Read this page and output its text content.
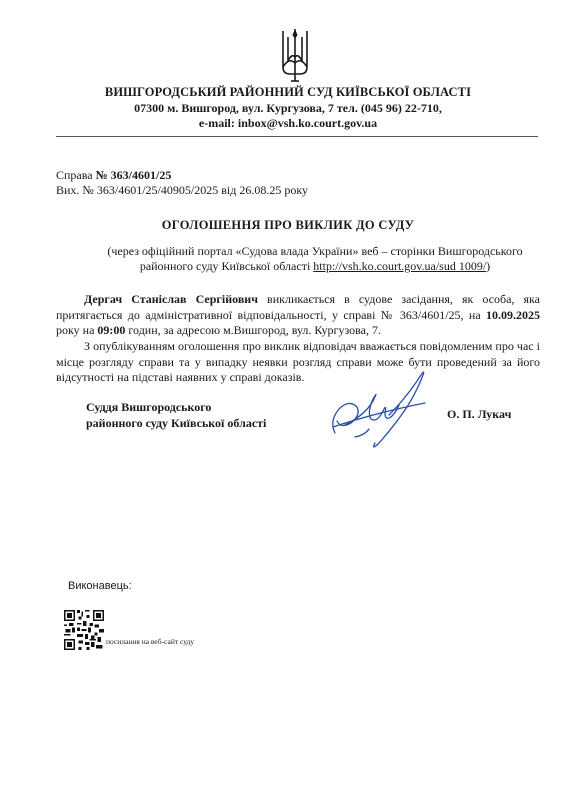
ВИШГОРОДСЬКИЙ РАЙОННИЙ СУД КИЇВСЬКОЇ ОБЛАСТІ
07300 м. Вишгород, вул. Кургузова, 7 тел. (045 96) 22-710,
e-mail: inbox@vsh.ko.court.gov.ua
Справа № 363/4601/25
Вих. № 363/4601/25/40905/2025 від 26.08.25 року
ОГОЛОШЕННЯ ПРО ВИКЛИК ДО СУДУ
(через офіційний портал «Судова влада України» веб – сторінки Вишгородського районного суду Київської області http://vsh.ko.court.gov.ua/sud 1009/)
Дергач Станіслав Сергійович викликається в судове засідання, як особа, яка притягається до адміністративної відповідальності, у справі № 363/4601/25, на 10.09.2025 року на 09:00 годин, за адресою м.Вишгород, вул. Кургузова, 7.
З опублікуванням оголошення про виклик відповідач вважається повідомленим про час і місце розгляду справи та у випадку неявки розгляд справи може бути проведений за його відсутності на підставі наявних у справі доказів.
Суддя Вишгородського
районного суду Київської області
О. П. Лукач
Виконавець:
посилання на веб-сайт суду
